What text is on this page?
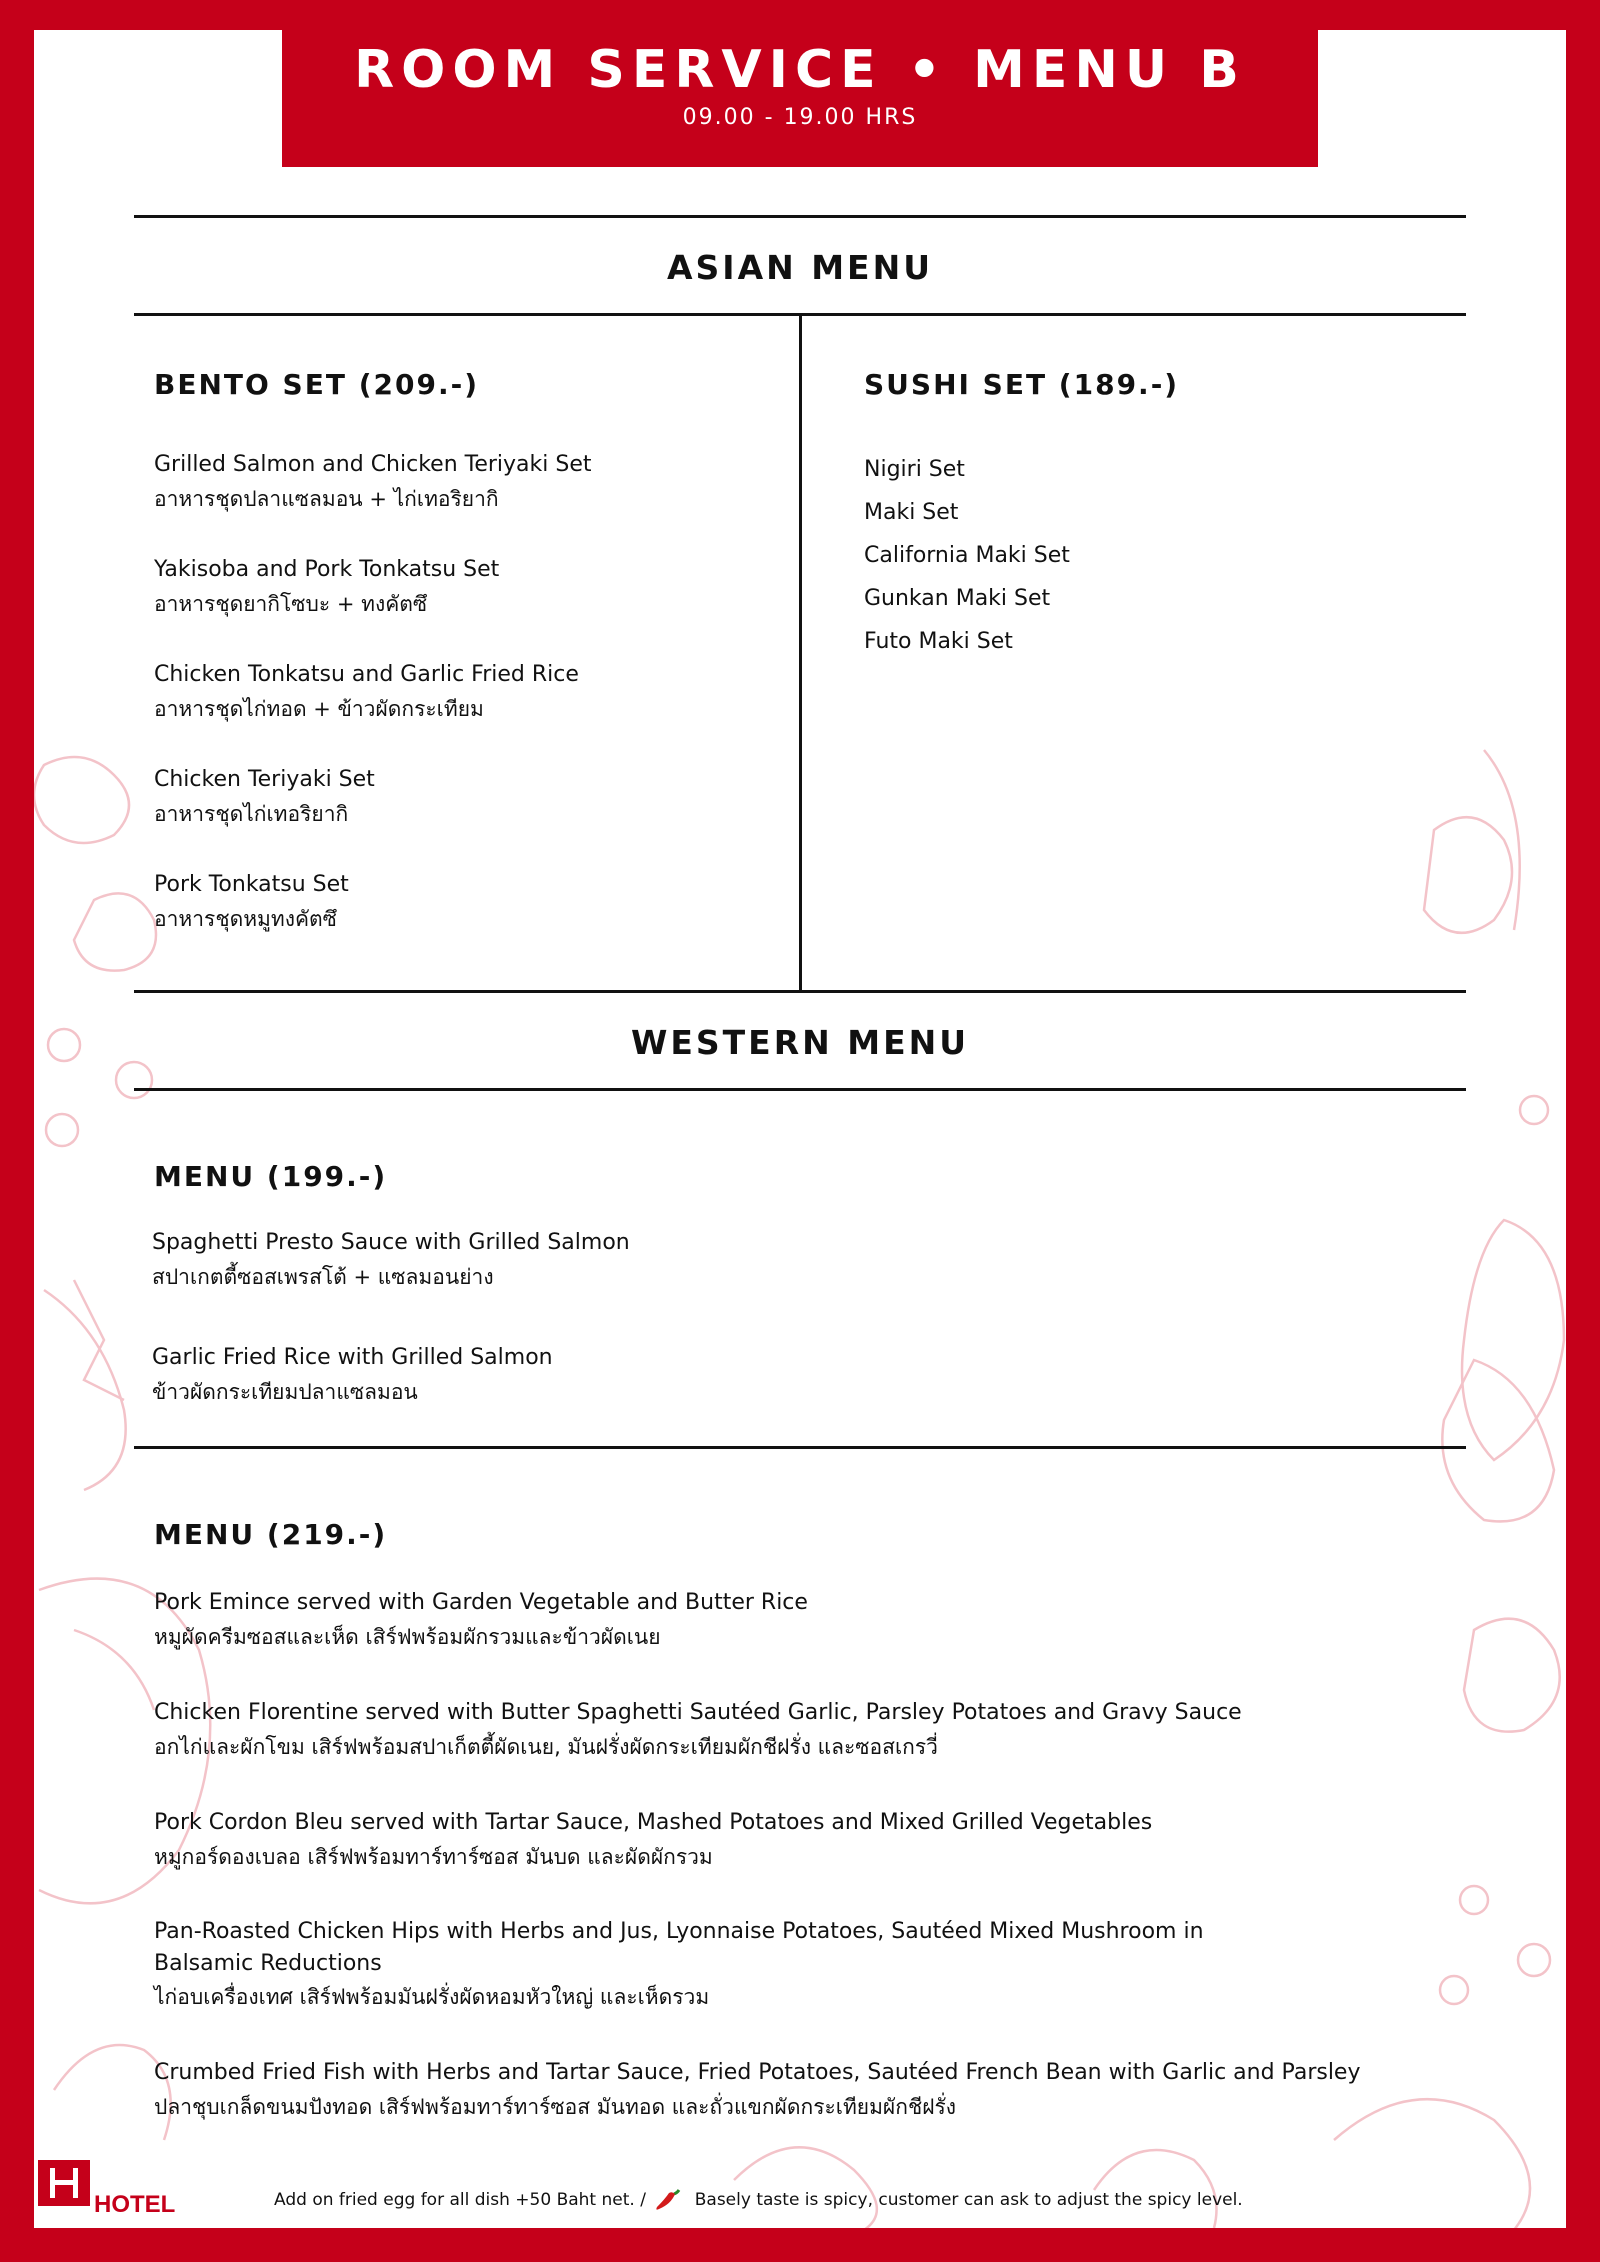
ROOM SERVICE • MENU B
09.00 - 19.00 HRS
ASIAN MENU
BENTO SET (209.-)
Grilled Salmon and Chicken Teriyaki Set
อาหารชุดปลาแซลมอน + ไก่เทอริยากิ
Yakisoba and Pork Tonkatsu Set
อาหารชุดยากิโซบะ + ทงคัตซึ
Chicken Tonkatsu and Garlic Fried Rice
อาหารชุดไก่ทอด + ข้าวผัดกระเทียม
Chicken Teriyaki Set
อาหารชุดไก่เทอริยากิ
Pork Tonkatsu Set
อาหารชุดหมูทงคัตซึ
SUSHI SET (189.-)
Nigiri Set
Maki Set
California Maki Set
Gunkan Maki Set
Futo Maki Set
WESTERN MENU
MENU (199.-)
Spaghetti Presto Sauce with Grilled Salmon
สปาเกตตี้ซอสเพรสโต้ + แซลมอนย่าง
Garlic Fried Rice with Grilled Salmon
ข้าวผัดกระเทียมปลาแซลมอน
MENU (219.-)
Pork Emince served with Garden Vegetable and Butter Rice
หมูผัดครีมซอสและเห็ด เสิร์ฟพร้อมผักรวมและข้าวผัดเนย
Chicken Florentine served with Butter Spaghetti Sautéed Garlic, Parsley Potatoes and Gravy Sauce
อกไก่และผักโขม เสิร์ฟพร้อมสปาเก็ตตี้ผัดเนย, มันฝรั่งผัดกระเทียมผักชีฝรั่ง และซอสเกรวี่
Pork Cordon Bleu served with Tartar Sauce, Mashed Potatoes and Mixed Grilled Vegetables
หมูกอร์ดองเบลอ เสิร์ฟพร้อมทาร์ทาร์ซอส มันบด และผัดผักรวม
Pan-Roasted Chicken Hips with Herbs and Jus, Lyonnaise Potatoes, Sautéed Mixed Mushroom in Balsamic Reductions
ไก่อบเครื่องเทศ เสิร์ฟพร้อมมันฝรั่งผัดหอมหัวใหญ่ และเห็ดรวม
Crumbed Fried Fish with Herbs and Tartar Sauce, Fried Potatoes, Sautéed French Bean with Garlic and Parsley
ปลาชุบเกล็ดขนมปังทอด เสิร์ฟพร้อมทาร์ทาร์ซอส มันทอด และถั่วแขกผัดกระเทียมผักชีฝรั่ง
HOTEL	Add on fried egg for all dish +50 Baht net. /	Basely taste is spicy, customer can ask to adjust the spicy level.
